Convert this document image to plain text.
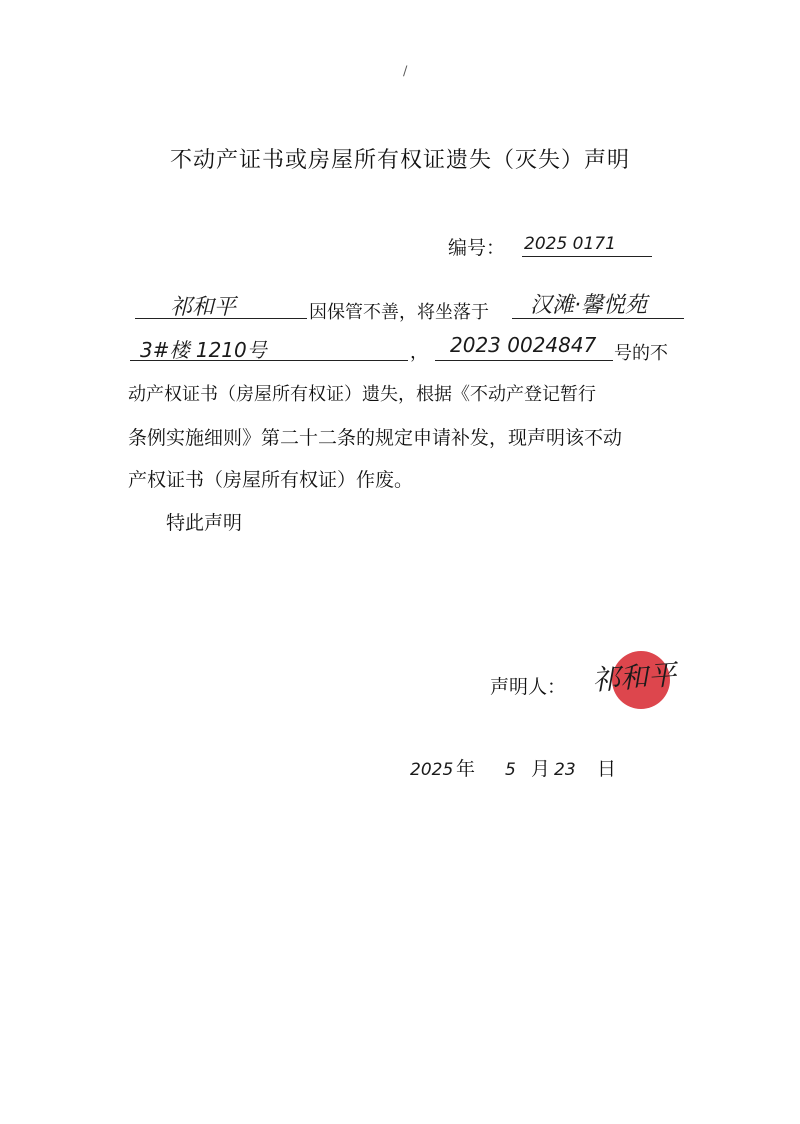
/
不动产证书或房屋所有权证遗失（灭失）声明
编号： 2025 0171
祁和平	因保管不善，将坐落于 汉滩·馨悦苑
3#楼 1210号	， 2023 0024847 号的不
动产权证书（房屋所有权证）遗失，根据《不动产登记暂行
条例实施细则》第二十二条的规定申请补发，现声明该不动
产权证书（房屋所有权证）作废。
特此声明
声明人： 祁和平
2025 年 5 月 23 日
